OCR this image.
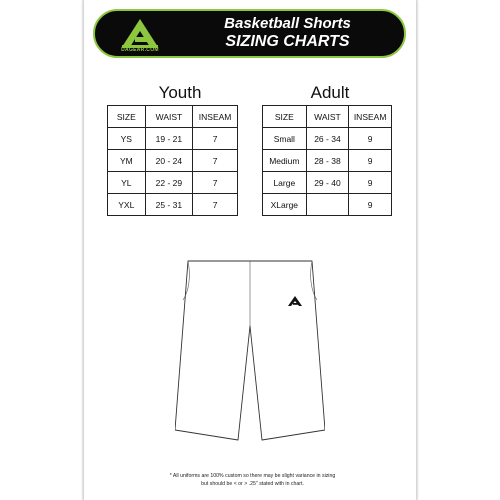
DAGEAR.COM
Basketball Shorts
SIZING CHARTS
Youth	Adult
SIZE	WAIST	INSEAM
YS	19 - 21	7
YM	20 - 24	7
YL	22 - 29	7
YXL	25 - 31	7
SIZE	WAIST	INSEAM
Small	26 - 34	9
Medium	28 - 38	9
Large	29 - 40	9
XLarge		9
* All uniforms are 100% custom so there may be slight variance in sizing
but should be < or > .25" stated with in chart.
